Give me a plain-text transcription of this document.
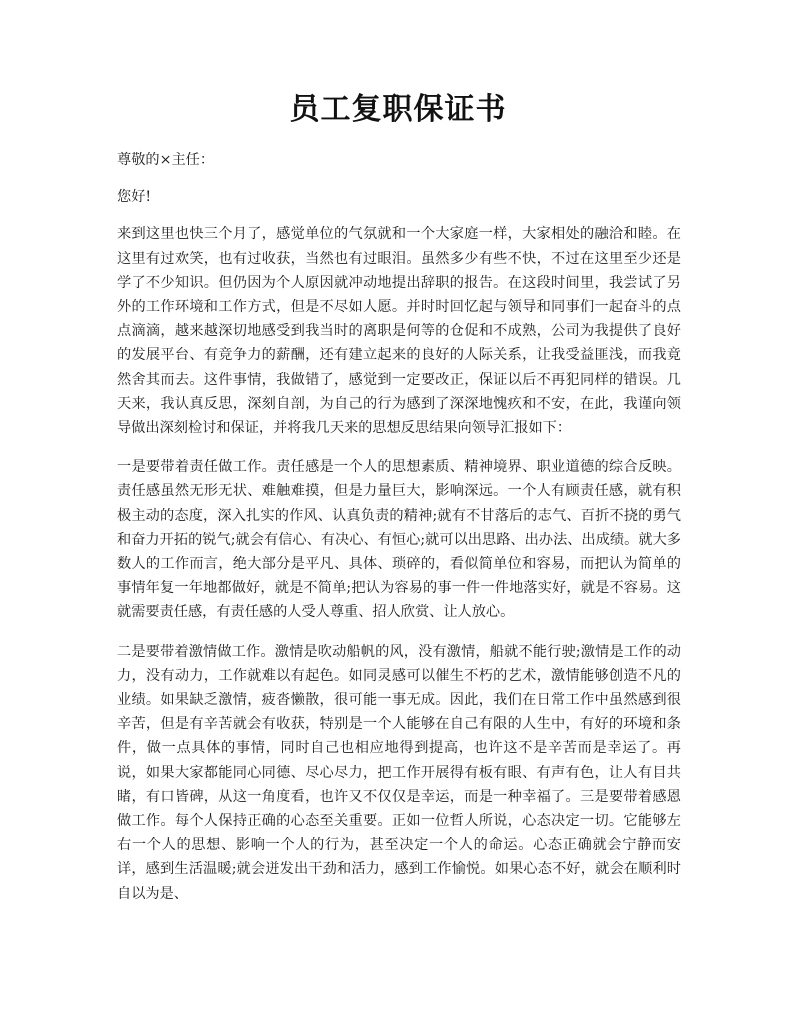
员工复职保证书

尊敬的×主任：

您好!

来到这里也快三个月了，感觉单位的气氛就和一个大家庭一样，大家相处的融洽和睦。在这里有过欢笑，也有过收获，当然也有过眼泪。虽然多少有些不快，不过在这里至少还是学了不少知识。但仍因为个人原因就冲动地提出辞职的报告。在这段时间里，我尝试了另外的工作环境和工作方式，但是不尽如人愿。并时时回忆起与领导和同事们一起奋斗的点点滴滴，越来越深切地感受到我当时的离职是何等的仓促和不成熟，公司为我提供了良好的发展平台、有竞争力的薪酬，还有建立起来的良好的人际关系，让我受益匪浅，而我竟然舍其而去。这件事情，我做错了，感觉到一定要改正，保证以后不再犯同样的错误。几天来，我认真反思，深刻自剖，为自己的行为感到了深深地愧疚和不安，在此，我谨向领导做出深刻检讨和保证，并将我几天来的思想反思结果向领导汇报如下：

一是要带着责任做工作。责任感是一个人的思想素质、精神境界、职业道德的综合反映。责任感虽然无形无状、难触难摸，但是力量巨大，影响深远。一个人有顾责任感，就有积极主动的态度，深入扎实的作风、认真负责的精神;就有不甘落后的志气、百折不挠的勇气和奋力开拓的锐气;就会有信心、有决心、有恒心;就可以出思路、出办法、出成绩。就大多数人的工作而言，绝大部分是平凡、具体、琐碎的，看似简单位和容易，而把认为简单的事情年复一年地都做好，就是不简单;把认为容易的事一件一件地落实好，就是不容易。这就需要责任感，有责任感的人受人尊重、招人欣赏、让人放心。

二是要带着激情做工作。激情是吹动船帆的风，没有激情，船就不能行驶;激情是工作的动力，没有动力，工作就难以有起色。如同灵感可以催生不朽的艺术，激情能够创造不凡的业绩。如果缺乏激情，疲沓懒散，很可能一事无成。因此，我们在日常工作中虽然感到很辛苦，但是有辛苦就会有收获，特别是一个人能够在自己有限的人生中，有好的环境和条件，做一点具体的事情，同时自己也相应地得到提高，也许这不是辛苦而是幸运了。再说，如果大家都能同心同德、尽心尽力，把工作开展得有板有眼、有声有色，让人有目共睹，有口皆碑，从这一角度看，也许又不仅仅是幸运，而是一种幸福了。三是要带着感恩做工作。每个人保持正确的心态至关重要。正如一位哲人所说，心态决定一切。它能够左右一个人的思想、影响一个人的行为，甚至决定一个人的命运。心态正确就会宁静而安详，感到生活温暖;就会迸发出干劲和活力，感到工作愉悦。如果心态不好，就会在顺利时自以为是、
